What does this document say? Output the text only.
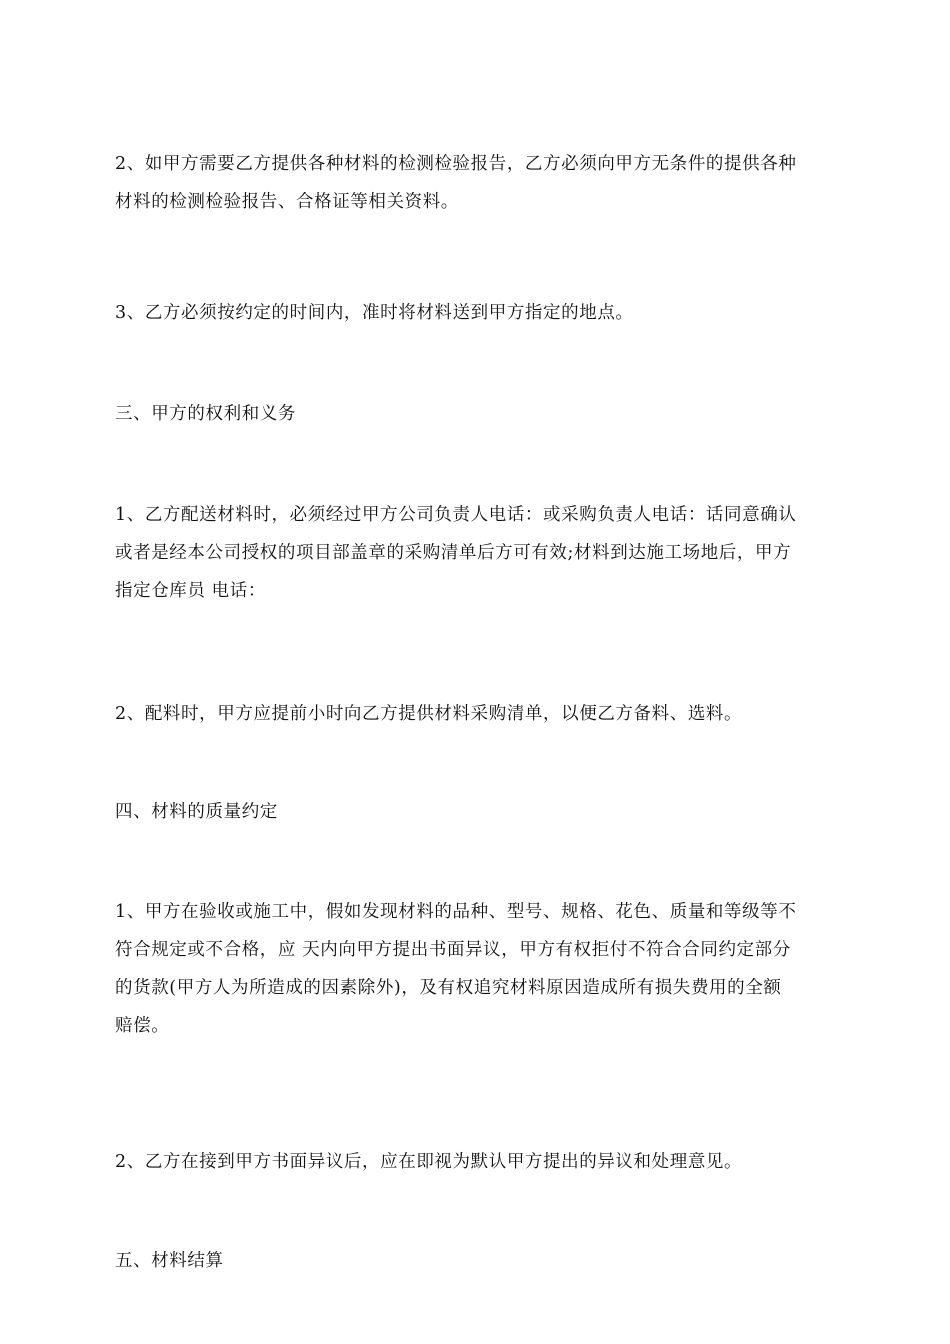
2、如甲方需要乙方提供各种材料的检测检验报告，乙方必须向甲方无条件的提供各种
材料的检测检验报告、合格证等相关资料。

3、乙方必须按约定的时间内，准时将材料送到甲方指定的地点。

三、甲方的权利和义务

1、乙方配送材料时，必须经过甲方公司负责人电话：或采购负责人电话：话同意确认
或者是经本公司授权的项目部盖章的采购清单后方可有效;材料到达施工场地后，甲方
指定仓库员 电话：

2、配料时，甲方应提前小时向乙方提供材料采购清单，以便乙方备料、选料。

四、材料的质量约定

1、甲方在验收或施工中，假如发现材料的品种、型号、规格、花色、质量和等级等不
符合规定或不合格，应 天内向甲方提出书面异议，甲方有权拒付不符合合同约定部分
的货款(甲方人为所造成的因素除外)，及有权追究材料原因造成所有损失费用的全额
赔偿。

2、乙方在接到甲方书面异议后，应在即视为默认甲方提出的异议和处理意见。

五、材料结算
